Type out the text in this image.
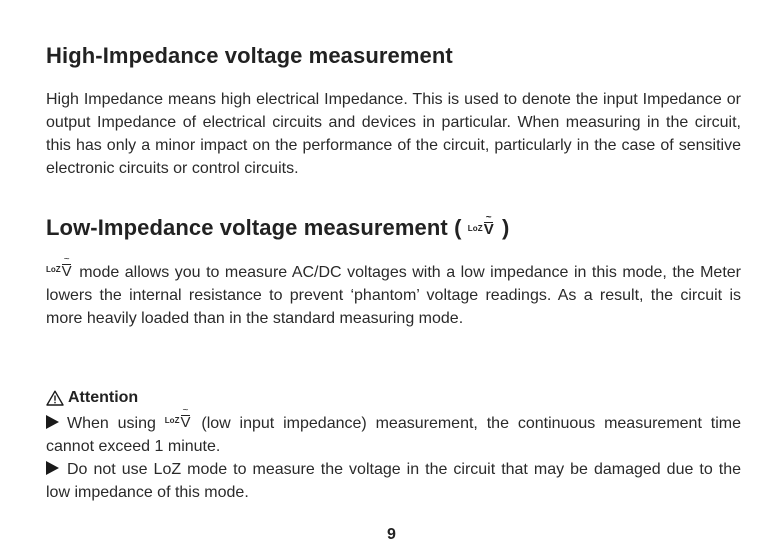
High-Impedance voltage measurement

High Impedance means high electrical Impedance. This is used to denote the input Impedance or output Impedance of electrical circuits and devices in particular. When measuring in the circuit, this has only a minor impact on the performance of the circuit, particularly in the case of sensitive electronic circuits or control circuits.

Low-Impedance voltage measurement ( LoZ
~
V )

LoZ
~
V mode allows you to measure AC/DC voltages with a low impedance in this mode, the Meter lowers the internal resistance to prevent ‘phantom’ voltage readings. As a result, the circuit is more heavily loaded than in the standard measuring mode.

Attention
When using LoZ
~
V (low input impedance) measurement, the continuous measurement time cannot exceed 1 minute.
Do not use LoZ mode to measure the voltage in the circuit that may be damaged due to the low impedance of this mode.
9
